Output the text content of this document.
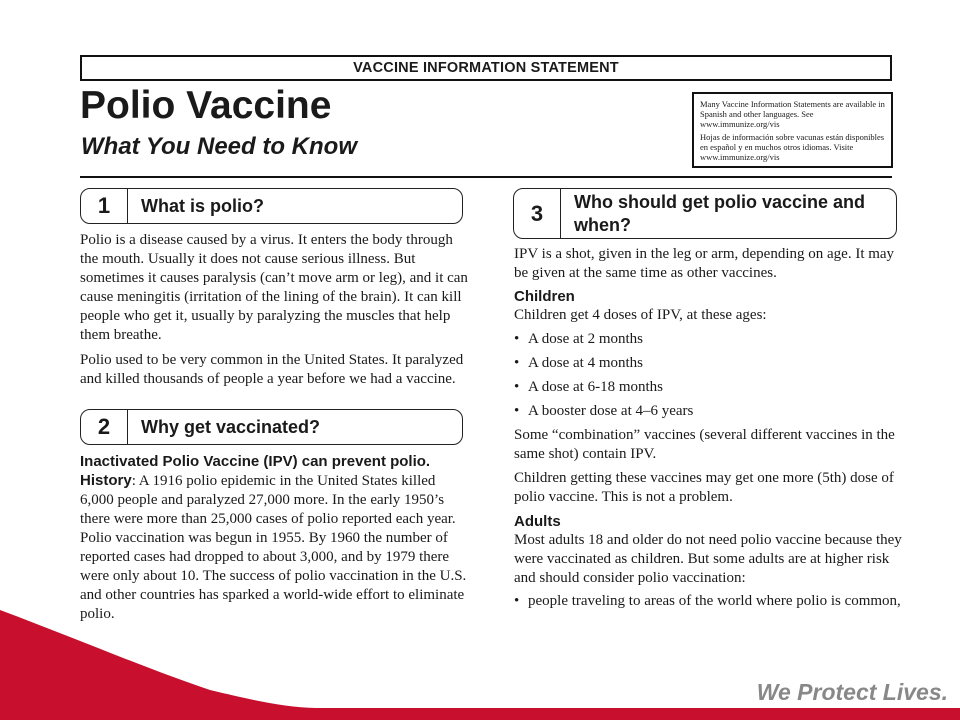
VACCINE INFORMATION STATEMENT
Polio Vaccine
What You Need to Know

Many Vaccine Information Statements are available in Spanish and other languages. See www.immunize.org/vis

Hojas de información sobre vacunas están disponibles en español y en muchos otros idiomas. Visite www.immunize.org/vis

1	What is polio?

Polio is a disease caused by a virus. It enters the body through the mouth. Usually it does not cause serious illness. But sometimes it causes paralysis (can’t move arm or leg), and it can cause meningitis (irritation of the lining of the brain). It can kill people who get it, usually by paralyzing the muscles that help them breathe.

Polio used to be very common in the United States. It paralyzed and killed thousands of people a year before we had a vaccine.

2	Why get vaccinated?

Inactivated Polio Vaccine (IPV) can prevent polio.

History: A 1916 polio epidemic in the United States killed 6,000 people and paralyzed 27,000 more. In the early 1950’s there were more than 25,000 cases of polio reported each year. Polio vaccination was begun in 1955. By 1960 the number of reported cases had dropped to about 3,000, and by 1979 there were only about 10. The success of polio vaccination in the U.S. and other countries has sparked a world-wide effort to eliminate polio.

3	Who should get polio vaccine and when?

IPV is a shot, given in the leg or arm, depending on age. It may be given at the same time as other vaccines.

Children

Children get 4 doses of IPV, at these ages:

• A dose at 2 months
• A dose at 4 months
• A dose at 6-18 months
• A booster dose at 4–6 years

Some “combination” vaccines (several different vaccines in the same shot) contain IPV.

Children getting these vaccines may get one more (5th) dose of polio vaccine. This is not a problem.

Adults

Most adults 18 and older do not need polio vaccine because they were vaccinated as children. But some adults are at higher risk and should consider polio vaccination:

• people traveling to areas of the world where polio is common,
We Protect Lives.
